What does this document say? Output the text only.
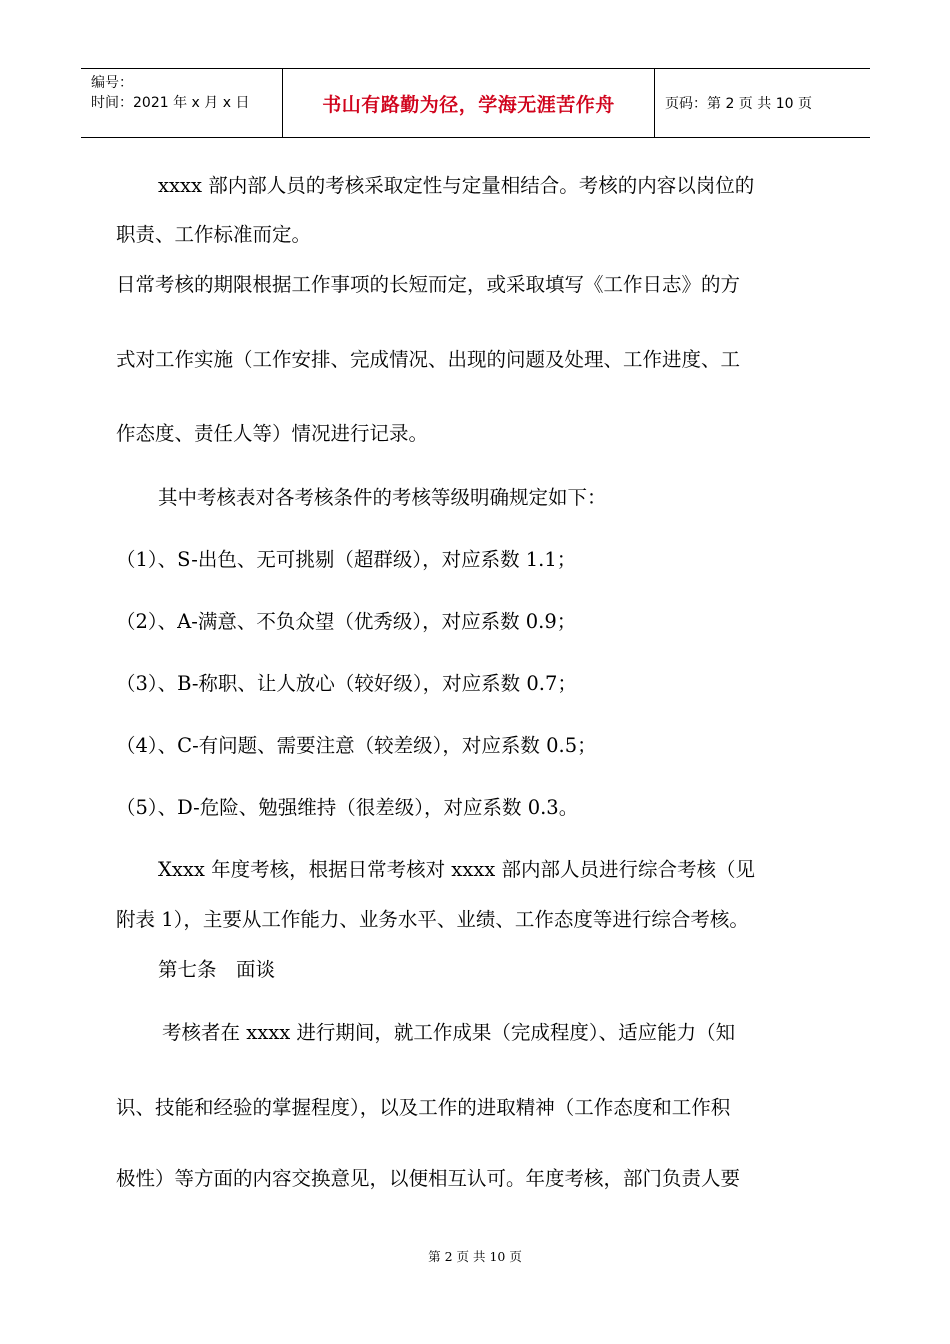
编号：
时间：2021 年 x 月 x 日	书山有路勤为径，学海无涯苦作舟	页码：第 2 页 共 10 页
xxxx 部内部人员的考核采取定性与定量相结合。考核的内容以岗位的
职责、工作标准而定。
日常考核的期限根据工作事项的长短而定，或采取填写《工作日志》的方
式对工作实施（工作安排、完成情况、出现的问题及处理、工作进度、工
作态度、责任人等）情况进行记录。
其中考核表对各考核条件的考核等级明确规定如下：
（1）、S-出色、无可挑剔（超群级），对应系数 1.1；
（2）、A-满意、不负众望（优秀级），对应系数 0.9；
（3）、B-称职、让人放心（较好级），对应系数 0.7；
（4）、C-有问题、需要注意（较差级），对应系数 0.5；
（5）、D-危险、勉强维持（很差级），对应系数 0.3。
Xxxx 年度考核，根据日常考核对 xxxx 部内部人员进行综合考核（见
附表 1），主要从工作能力、业务水平、业绩、工作态度等进行综合考核。
第七条　面谈
考核者在 xxxx 进行期间，就工作成果（完成程度）、适应能力（知
识、技能和经验的掌握程度），以及工作的进取精神（工作态度和工作积
极性）等方面的内容交换意见，以便相互认可。年度考核，部门负责人要
第 2 页 共 10 页
